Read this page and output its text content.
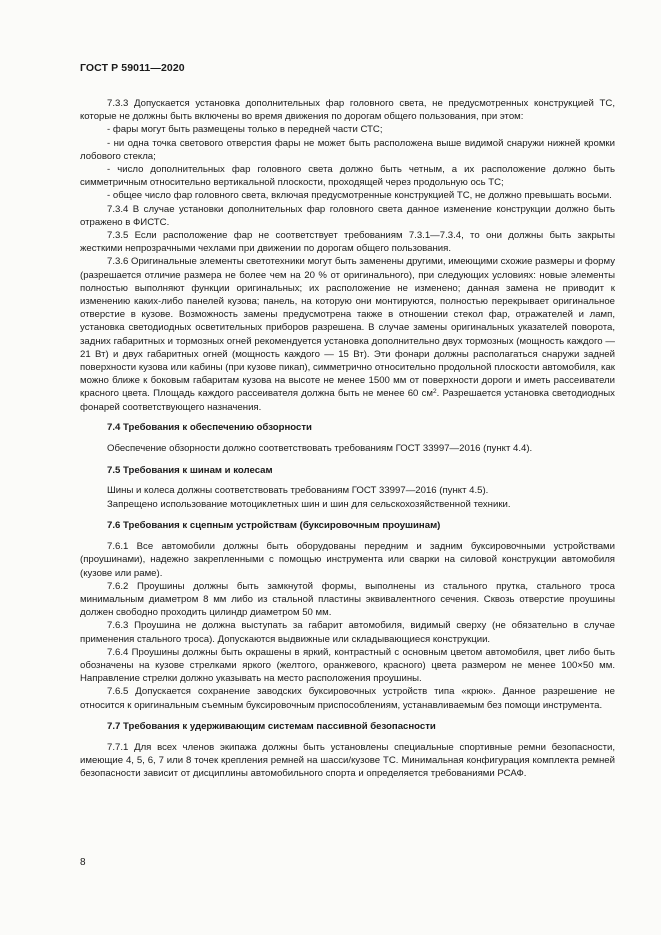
ГОСТ Р 59011—2020

7.3.3 Допускается установка дополнительных фар головного света, не предусмотренных конструкцией ТС, которые не должны быть включены во время движения по дорогам общего пользования, при этом:

- фары могут быть размещены только в передней части СТС;

- ни одна точка светового отверстия фары не может быть расположена выше видимой снаружи нижней кромки лобового стекла;

- число дополнительных фар головного света должно быть четным, а их расположение должно быть симметричным относительно вертикальной плоскости, проходящей через продольную ось ТС;

- общее число фар головного света, включая предусмотренные конструкцией ТС, не должно превышать восьми.

7.3.4 В случае установки дополнительных фар головного света данное изменение конструкции должно быть отражено в ФИСТС.

7.3.5 Если расположение фар не соответствует требованиям 7.3.1—7.3.4, то они должны быть закрыты жесткими непрозрачными чехлами при движении по дорогам общего пользования.

7.3.6 Оригинальные элементы светотехники могут быть заменены другими, имеющими схожие размеры и форму (разрешается отличие размера не более чем на 20 % от оригинального), при следующих условиях: новые элементы полностью выполняют функции оригинальных; их расположение не изменено; данная замена не приводит к изменению каких-либо панелей кузова; панель, на которую они монтируются, полностью перекрывает оригинальное отверстие в кузове. Возможность замены предусмотрена также в отношении стекол фар, отражателей и ламп, установка светодиодных осветительных приборов разрешена. В случае замены оригинальных указателей поворота, задних габаритных и тормозных огней рекомендуется установка дополнительно двух тормозных (мощность каждого — 21 Вт) и двух габаритных огней (мощность каждого — 15 Вт). Эти фонари должны располагаться снаружи задней поверхности кузова или кабины (при кузове пикап), симметрично относительно продольной плоскости автомобиля, как можно ближе к боковым габаритам кузова на высоте не менее 1500 мм от поверхности дороги и иметь рассеиватели красного цвета. Площадь каждого рассеивателя должна быть не менее 60 $см^2$. Разрешается установка светодиодных фонарей соответствующего назначения.

7.4 Требования к обеспечению обзорности

Обеспечение обзорности должно соответствовать требованиям ГОСТ 33997—2016 (пункт 4.4).

7.5 Требования к шинам и колесам

Шины и колеса должны соответствовать требованиям ГОСТ 33997—2016 (пункт 4.5).

Запрещено использование мотоциклетных шин и шин для сельскохозяйственной техники.

7.6 Требования к сцепным устройствам (буксировочным проушинам)

7.6.1 Все автомобили должны быть оборудованы передним и задним буксировочными устройствами (проушинами), надежно закрепленными с помощью инструмента или сварки на силовой конструкции автомобиля (кузове или раме).

7.6.2 Проушины должны быть замкнутой формы, выполнены из стального прутка, стального троса минимальным диаметром 8 мм либо из стальной пластины эквивалентного сечения. Сквозь отверстие проушины должен свободно проходить цилиндр диаметром 50 мм.

7.6.3 Проушина не должна выступать за габарит автомобиля, видимый сверху (не обязательно в случае применения стального троса). Допускаются выдвижные или складывающиеся конструкции.

7.6.4 Проушины должны быть окрашены в яркий, контрастный с основным цветом автомобиля, цвет либо быть обозначены на кузове стрелками яркого (желтого, оранжевого, красного) цвета размером не менее 100×50 мм. Направление стрелки должно указывать на место расположения проушины.

7.6.5 Допускается сохранение заводских буксировочных устройств типа «крюк». Данное разрешение не относится к оригинальным съемным буксировочным приспособлениям, устанавливаемым без помощи инструмента.

7.7 Требования к удерживающим системам пассивной безопасности

7.7.1 Для всех членов экипажа должны быть установлены специальные спортивные ремни безопасности, имеющие 4, 5, 6, 7 или 8 точек крепления ремней на шасси/кузове ТС. Минимальная конфигурация комплекта ремней безопасности зависит от дисциплины автомобильного спорта и определяется требованиями РСАФ.

8
